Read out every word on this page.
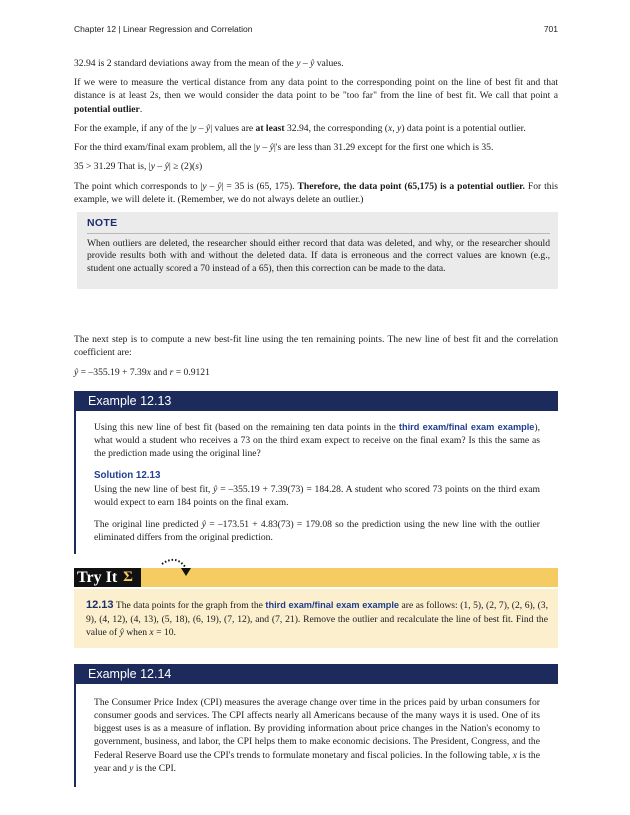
Chapter 12 | Linear Regression and Correlation	701

32.94 is 2 standard deviations away from the mean of the y – ŷ values.

If we were to measure the vertical distance from any data point to the corresponding point on the line of best fit and that distance is at least 2s, then we would consider the data point to be "too far" from the line of best fit. We call that point a potential outlier.

For the example, if any of the |y – ŷ| values are at least 32.94, the corresponding (x, y) data point is a potential outlier.

For the third exam/final exam problem, all the |y – ŷ|'s are less than 31.29 except for the first one which is 35.

35 > 31.29 That is, |y – ŷ| ≥ (2)(s)

The point which corresponds to |y – ŷ| = 35 is (65, 175). Therefore, the data point (65,175) is a potential outlier. For this example, we will delete it. (Remember, we do not always delete an outlier.)

NOTE

When outliers are deleted, the researcher should either record that data was deleted, and why, or the researcher should provide results both with and without the deleted data. If data is erroneous and the correct values are known (e.g., student one actually scored a 70 instead of a 65), then this correction can be made to the data.

The next step is to compute a new best-fit line using the ten remaining points. The new line of best fit and the correlation coefficient are:

ŷ = –355.19 + 7.39x and r = 0.9121

Example 12.13

Using this new line of best fit (based on the remaining ten data points in the third exam/final exam example), what would a student who receives a 73 on the third exam expect to receive on the final exam? Is this the same as the prediction made using the original line?

Solution 12.13

Using the new line of best fit, ŷ = –355.19 + 7.39(73) = 184.28. A student who scored 73 points on the third exam would expect to earn 184 points on the final exam.

The original line predicted ŷ = –173.51 + 4.83(73) = 179.08 so the prediction using the new line with the outlier eliminated differs from the original prediction.

Try It Σ

12.13 The data points for the graph from the third exam/final exam example are as follows: (1, 5), (2, 7), (2, 6), (3, 9), (4, 12), (4, 13), (5, 18), (6, 19), (7, 12), and (7, 21). Remove the outlier and recalculate the line of best fit. Find the value of ŷ when x = 10.

Example 12.14

The Consumer Price Index (CPI) measures the average change over time in the prices paid by urban consumers for consumer goods and services. The CPI affects nearly all Americans because of the many ways it is used. One of its biggest uses is as a measure of inflation. By providing information about price changes in the Nation's economy to government, business, and labor, the CPI helps them to make economic decisions. The President, Congress, and the Federal Reserve Board use the CPI's trends to formulate monetary and fiscal policies. In the following table, x is the year and y is the CPI.
